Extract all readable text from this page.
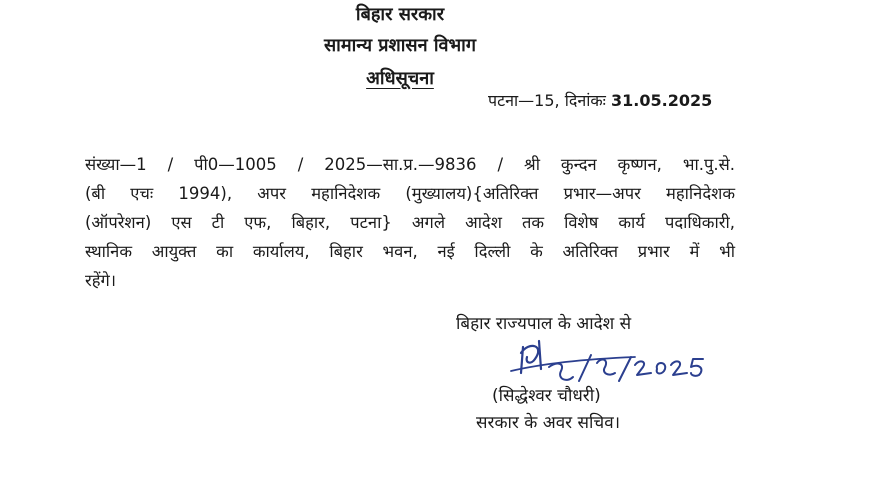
बिहार सरकार
सामान्य प्रशासन विभाग
अधिसूचना
पटना—15, दिनांकः 31.05.2025
संख्या—1 / पी0—1005 / 2025—सा.प्र.—9836 / श्री कुन्दन कृष्णन, भा.पु.से.
(बी एचः 1994), अपर महानिदेशक (मुख्यालय){अतिरिक्त प्रभार—अपर महानिदेशक
(ऑपरेशन) एस टी एफ, बिहार, पटना} अगले आदेश तक विशेष कार्य पदाधिकारी,
स्थानिक आयुक्त का कार्यालय, बिहार भवन, नई दिल्ली के अतिरिक्त प्रभार में भी
रहेंगे।
बिहार राज्यपाल के आदेश से
(सिद्धेश्वर चौधरी)
सरकार के अवर सचिव।
